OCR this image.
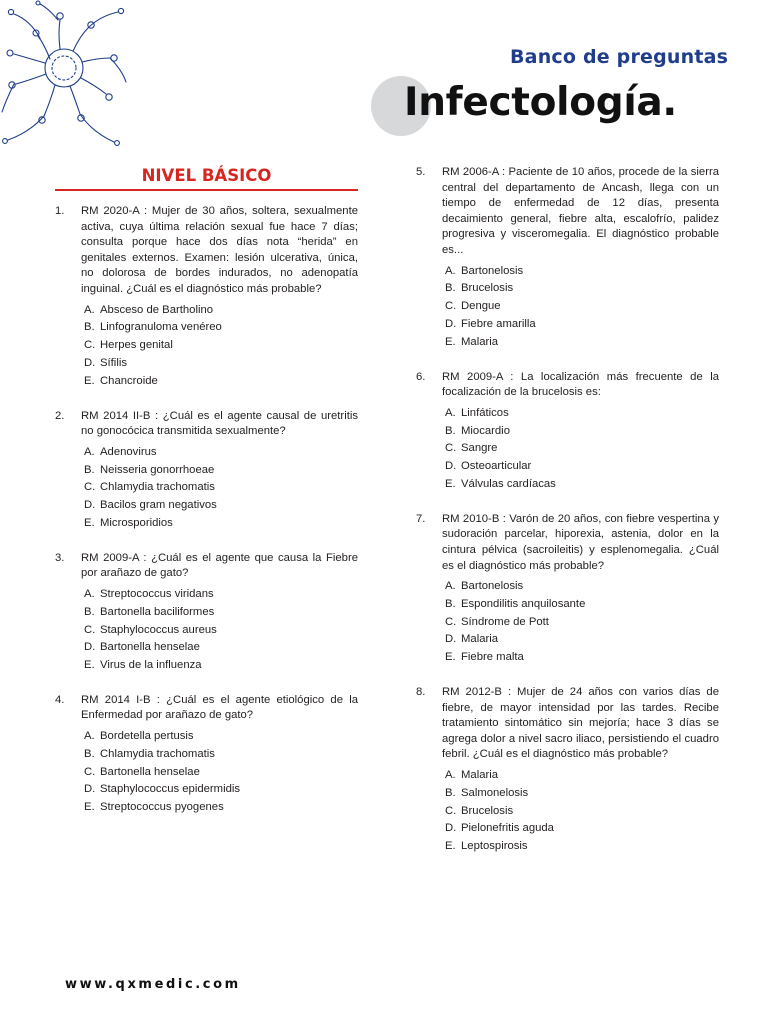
Banco de preguntas
Infectología.
NIVEL BÁSICO
1. RM 2020-A : Mujer de 30 años, soltera, sexualmente activa, cuya última relación sexual fue hace 7 días; consulta porque hace dos días nota “herida” en genitales externos. Examen: lesión ulcerativa, única, no dolorosa de bordes indurados, no adenopatía inguinal. ¿Cuál es el diagnóstico más probable?
A. Absceso de Bartholino
B. Linfogranuloma venéreo
C. Herpes genital
D. Sífilis
E. Chancroide
2. RM 2014 II-B : ¿Cuál es el agente causal de uretritis no gonocócica transmitida sexualmente?
A. Adenovirus
B. Neisseria gonorrhoeae
C. Chlamydia trachomatis
D. Bacilos gram negativos
E. Microsporidios
3. RM 2009-A : ¿Cuál es el agente que causa la Fiebre por arañazo de gato?
A. Streptococcus viridans
B. Bartonella baciliformes
C. Staphylococcus aureus
D. Bartonella henselae
E. Virus de la influenza
4. RM 2014 I-B : ¿Cuál es el agente etiológico de la Enfermedad por arañazo de gato?
A. Bordetella pertusis
B. Chlamydia trachomatis
C. Bartonella henselae
D. Staphylococcus epidermidis
E. Streptococcus pyogenes
5. RM 2006-A : Paciente de 10 años, procede de la sierra central del departamento de Ancash, llega con un tiempo de enfermedad de 12 días, presenta decaimiento general, fiebre alta, escalofrío, palidez progresiva y visceromegalia. El diagnóstico probable es...
A. Bartonelosis
B. Brucelosis
C. Dengue
D. Fiebre amarilla
E. Malaria
6. RM 2009-A : La localización más frecuente de la focalización de la brucelosis es:
A. Linfáticos
B. Miocardio
C. Sangre
D. Osteoarticular
E. Válvulas cardíacas
7. RM 2010-B : Varón de 20 años, con fiebre vespertina y sudoración parcelar, hiporexia, astenia, dolor en la cintura pélvica (sacroileitis) y esplenomegalia. ¿Cuál es el diagnóstico más probable?
A. Bartonelosis
B. Espondilitis anquilosante
C. Síndrome de Pott
D. Malaria
E. Fiebre malta
8. RM 2012-B : Mujer de 24 años con varios días de fiebre, de mayor intensidad por las tardes. Recibe tratamiento sintomático sin mejoría; hace 3 días se agrega dolor a nivel sacro iliaco, persistiendo el cuadro febril. ¿Cuál es el diagnóstico más probable?
A. Malaria
B. Salmonelosis
C. Brucelosis
D. Pielonefritis aguda
E. Leptospirosis
www.qxmedic.com
